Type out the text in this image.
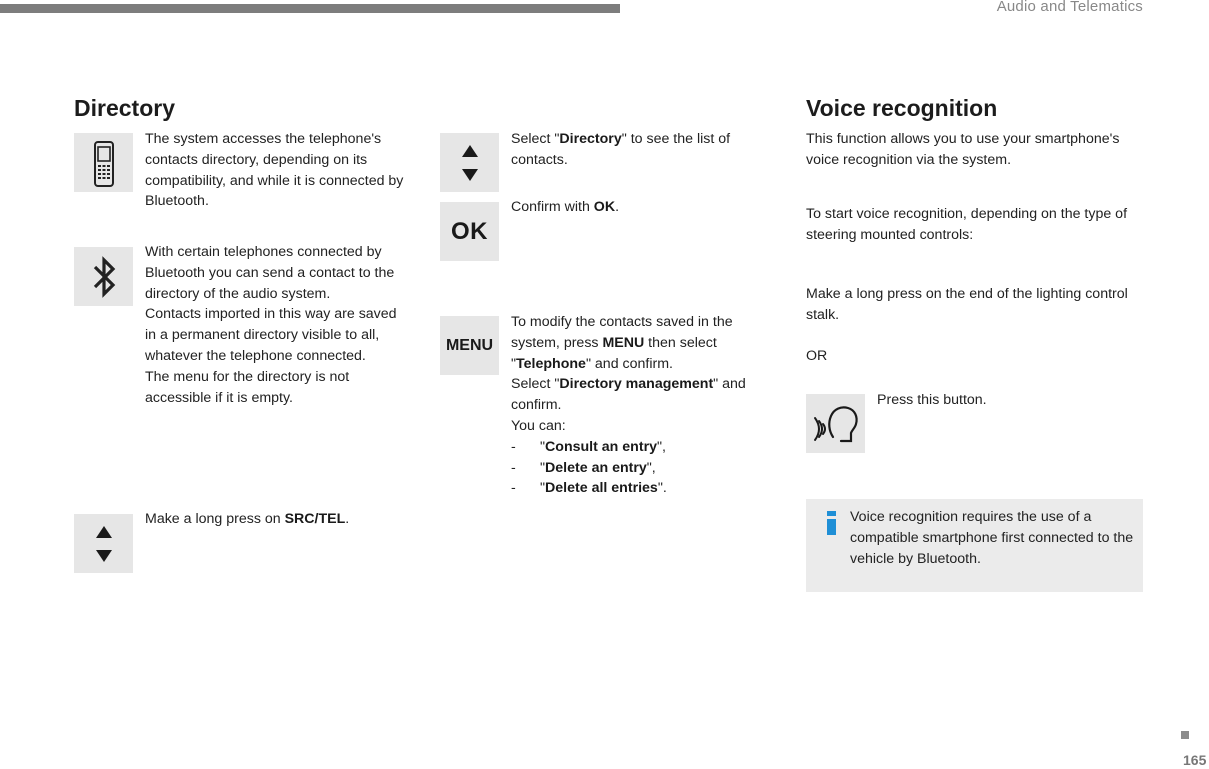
Audio and Telematics
Directory
The system accesses the telephone's contacts directory, depending on its compatibility, and while it is connected by Bluetooth.
With certain telephones connected by Bluetooth you can send a contact to the directory of the audio system.
Contacts imported in this way are saved in a permanent directory visible to all, whatever the telephone connected.
The menu for the directory is not accessible if it is empty.
Make a long press on SRC/TEL.
Select "Directory" to see the list of contacts.
OK
Confirm with OK.
MENU
To modify the contacts saved in the system, press MENU then select "Telephone" and confirm.
Select "Directory management" and confirm.
You can:
-	"Consult an entry",
-	"Delete an entry",
-	"Delete all entries".
Voice recognition
This function allows you to use your smartphone's voice recognition via the system.
To start voice recognition, depending on the type of steering mounted controls:
Make a long press on the end of the lighting control stalk.
OR
Press this button.
Voice recognition requires the use of a compatible smartphone first connected to the vehicle by Bluetooth.
165
